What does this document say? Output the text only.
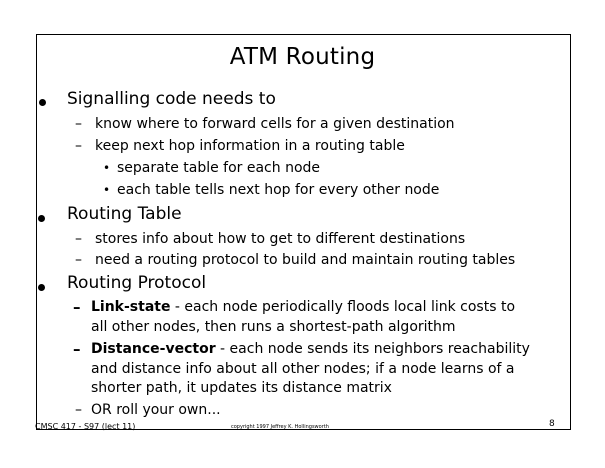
ATM Routing
Signalling code needs to
– know where to forward cells for a given destination
– keep next hop information in a routing table
• separate table for each node
• each table tells next hop for every other node
Routing Table
– stores info about how to get to different destinations
– need a routing protocol to build and maintain routing tables
Routing Protocol
– Link-state - each node periodically floods local link costs to
all other nodes, then runs a shortest-path algorithm
– Distance-vector - each node sends its neighbors reachability
and distance info about all other nodes; if a node learns of a
shorter path, it updates its distance matrix
– OR roll your own...
CMSC 417 - S97 (lect 11)	copyright 1997 Jeffrey K. Hollingsworth	8
